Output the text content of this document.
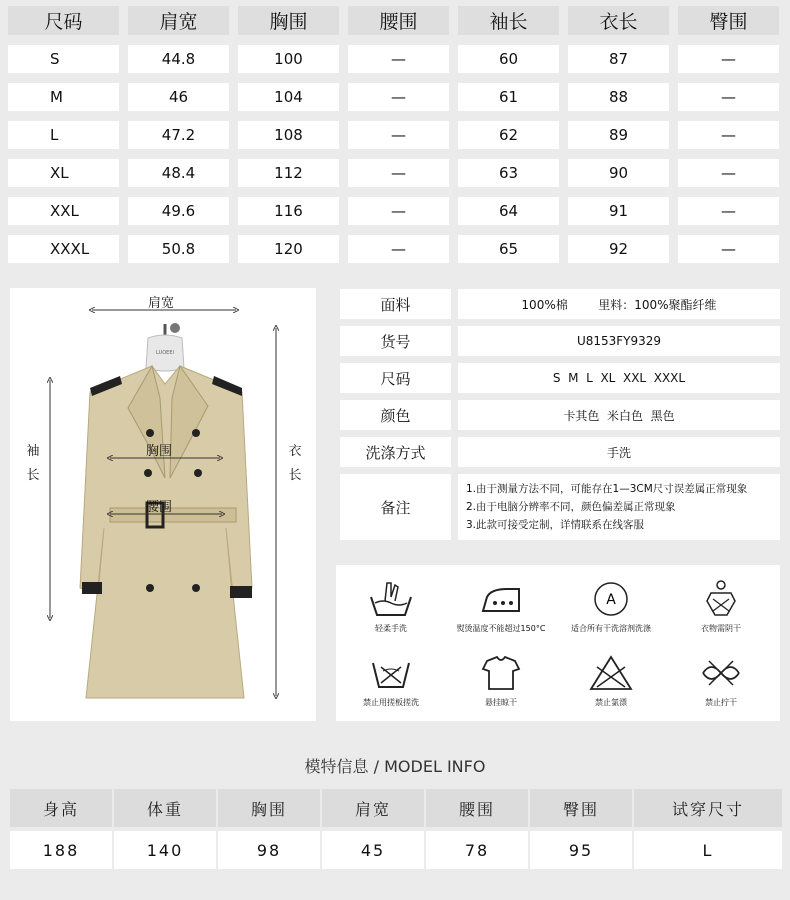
尺码	肩宽	胸围	腰围	袖长	衣长	臀围
S	44.8	100	—	60	87	—
M	46	104	—	61	88	—
L	47.2	108	—	62	89	—
XL	48.4	112	—	63	90	—
XXL	49.6	116	—	64	91	—
XXXL	50.8	120	—	65	92	—
LUOEEI
肩宽
胸围
腰围
袖
长
衣
长
面料	100%棉        里料：100%聚酯纤维
货号	U8153FY9329
尺码	S  M  L  XL  XXL  XXXL
颜色	卡其色  米白色  黑色
洗涤方式	手洗
备注
1.由于测量方法不同，可能存在1—3CM尺寸误差属正常现象
2.由于电脑分辨率不同，颜色偏差属正常现象
3.此款可接受定制，详情联系在线客服
轻柔手洗	熨烫温度不能超过150°C
A
适合所有干洗溶剂洗涤	衣物需阴干
禁止用搓板搓洗	悬挂晾干	禁止氯漂	禁止拧干
模特信息 / MODEL INFO
身高	体重	胸围	肩宽	腰围	臀围	试穿尺寸
188	140	98	45	78	95	L
